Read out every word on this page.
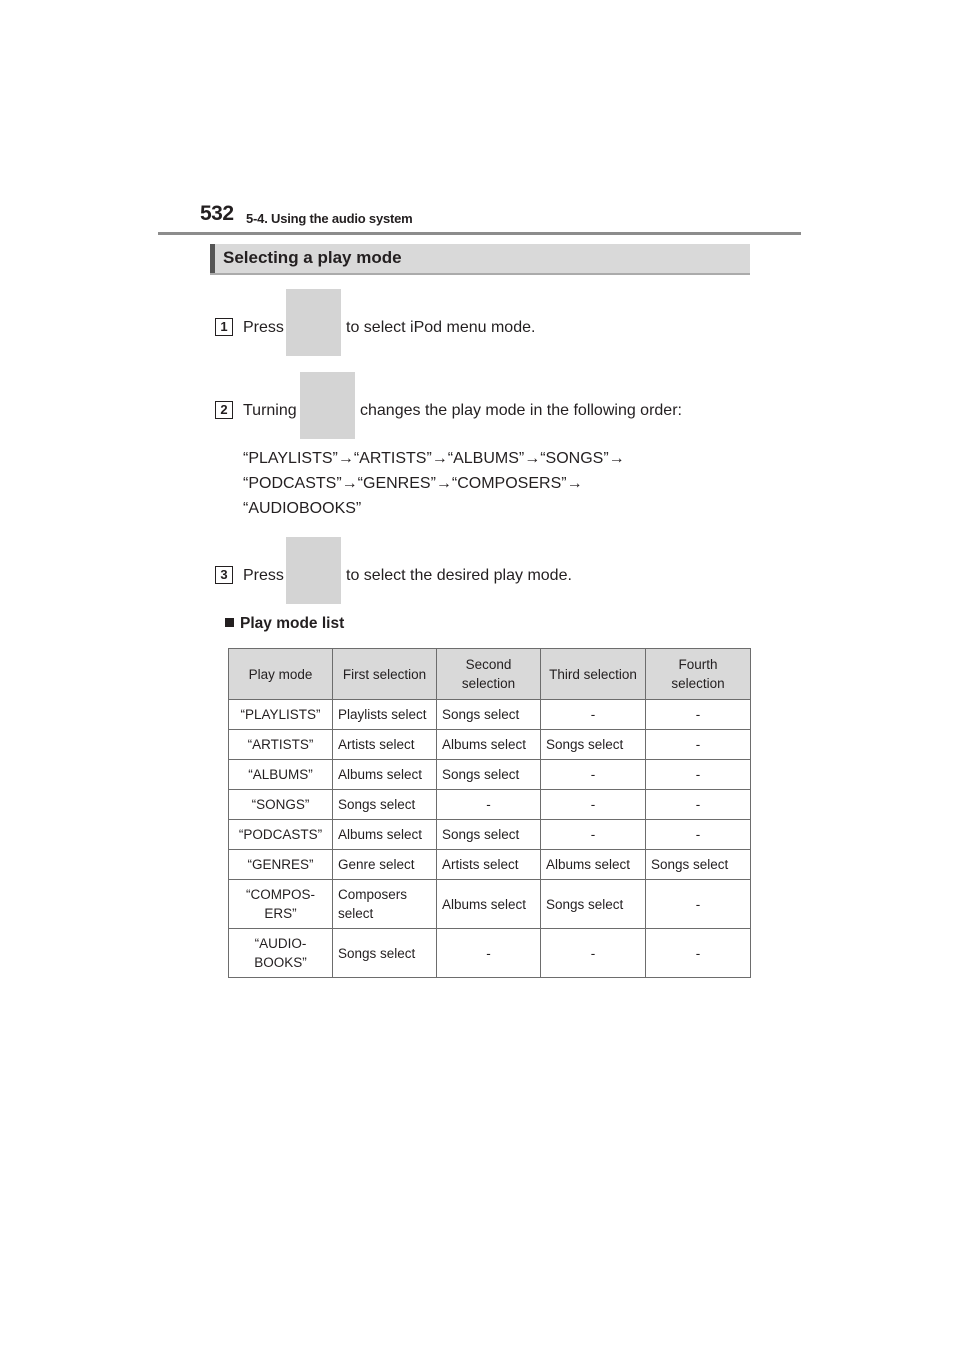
532 5-4. Using the audio system
Selecting a play mode
1 Press	to select iPod menu mode.
2 Turning	changes the play mode in the following order:
“PLAYLISTS”→“ARTISTS”→“ALBUMS”→“SONGS”→
“PODCASTS”→“GENRES”→“COMPOSERS”→
“AUDIOBOOKS”
3 Press	to select the desired play mode.
Play mode list
Play mode	First selection	Second selection	Third selection	Fourth selection
“PLAYLISTS”	Playlists select	Songs select	-	-
“ARTISTS”	Artists select	Albums select	Songs select	-
“ALBUMS”	Albums select	Songs select	-	-
“SONGS”	Songs select	-	-	-
“PODCASTS”	Albums select	Songs select	-	-
“GENRES”	Genre select	Artists select	Albums select	Songs select
“COMPOS-ERS”	Composers select	Albums select	Songs select	-
“AUDIO-BOOKS”	Songs select	-	-	-
